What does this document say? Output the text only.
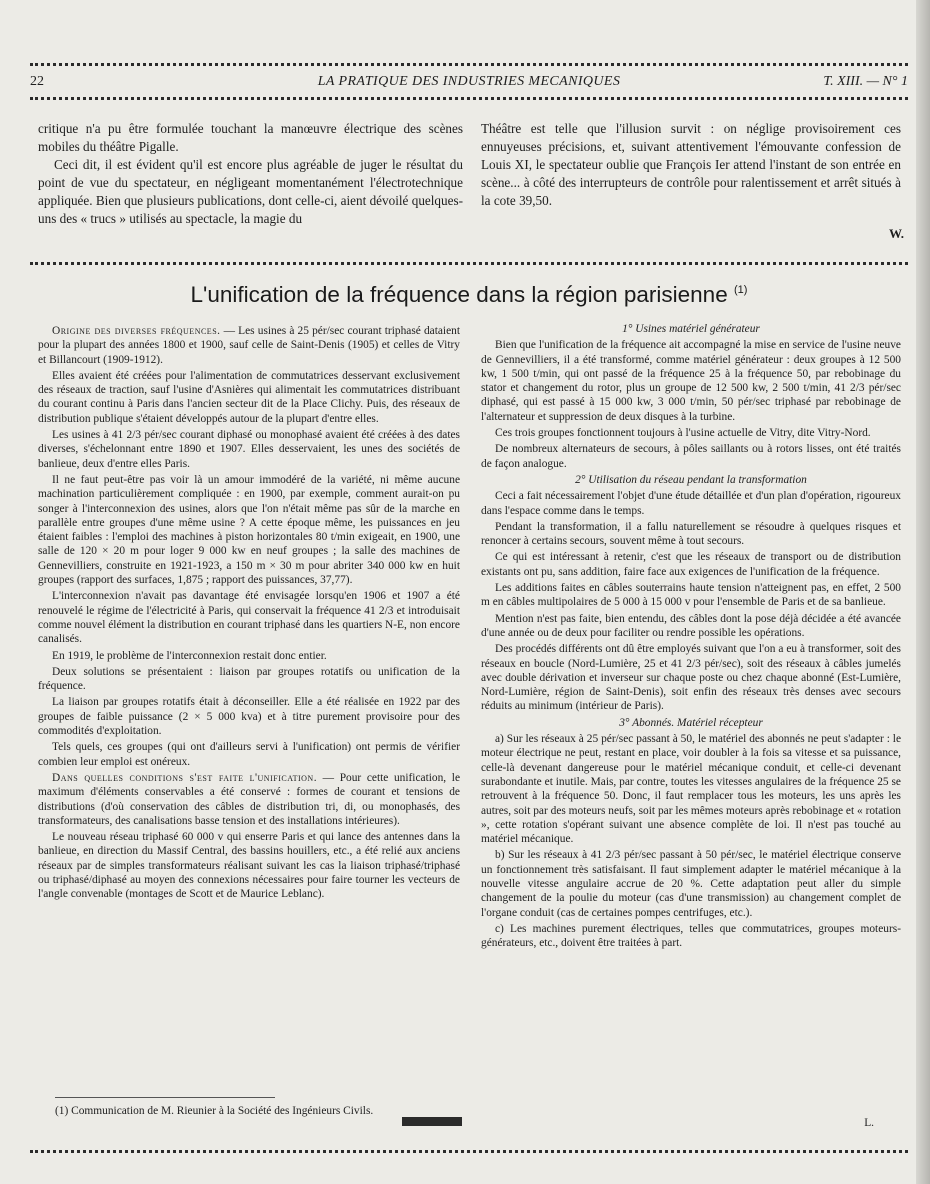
22	LA PRATIQUE DES INDUSTRIES MECANIQUES	T. XIII. — N° 1

critique n'a pu être formulée touchant la manœuvre électrique des scènes mobiles du théâtre Pigalle.

Ceci dit, il est évident qu'il est encore plus agréable de juger le résultat du point de vue du spectateur, en négligeant momentanément l'électrotechnique appliquée. Bien que plusieurs publications, dont celle-ci, aient dévoilé quelques-uns des « trucs » utilisés au spectacle, la magie du

Théâtre est telle que l'illusion survit : on néglige provisoirement ces ennuyeuses précisions, et, suivant attentivement l'émouvante confession de Louis XI, le spectateur oublie que François Ier attend l'instant de son entrée en scène... à côté des interrupteurs de contrôle pour ralentissement et arrêt situés à la cote 39,50.

W.
L'unification de la fréquence dans la région parisienne $^{(1)}$

Origine des diverses fréquences. — Les usines à 25 pér/sec courant triphasé dataient pour la plupart des années 1800 et 1900, sauf celle de Saint-Denis (1905) et celles de Vitry et Billancourt (1909-1912).

Elles avaient été créées pour l'alimentation de commutatrices desservant exclusivement des réseaux de traction, sauf l'usine d'Asnières qui alimentait les commutatrices distribuant du courant continu à Paris dans l'ancien secteur dit de la Place Clichy. Puis, des réseaux de distribution publique s'étaient développés autour de la plupart d'entre elles.

Les usines à 41 2/3 pér/sec courant diphasé ou monophasé avaient été créées à des dates diverses, s'échelonnant entre 1890 et 1907. Elles desservaient, les unes des sociétés de banlieue, deux d'entre elles Paris.

Il ne faut peut-être pas voir là un amour immodéré de la variété, ni même aucune machination particulièrement compliquée : en 1900, par exemple, comment aurait-on pu songer à l'interconnexion des usines, alors que l'on n'était même pas sûr de la marche en parallèle entre groupes d'une même usine ? A cette époque même, les puissances en jeu étaient faibles : l'emploi des machines à piston horizontales 80 t/min exigeait, en 1900, une salle de 120 × 20 m pour loger 9 000 kw en neuf groupes ; la salle des machines de Gennevilliers, construite en 1921-1923, a 150 m × 30 m pour abriter 340 000 kw en huit groupes (rapport des surfaces, 1,875 ; rapport des puissances, 37,77).

L'interconnexion n'avait pas davantage été envisagée lorsqu'en 1906 et 1907 a été renouvelé le régime de l'électricité à Paris, qui conservait la fréquence 41 2/3 et introduisait comme nouvel élément la distribution en courant triphasé dans les quartiers N-E, non encore canalisés.

En 1919, le problème de l'interconnexion restait donc entier.

Deux solutions se présentaient : liaison par groupes rotatifs ou unification de la fréquence.

La liaison par groupes rotatifs était à déconseiller. Elle a été réalisée en 1922 par des groupes de faible puissance (2 × 5 000 kva) et à titre purement provisoire pour des commodités d'exploitation.

Tels quels, ces groupes (qui ont d'ailleurs servi à l'unification) ont permis de vérifier combien leur emploi est onéreux.

Dans quelles conditions s'est faite l'unification. — Pour cette unification, le maximum d'éléments conservables a été conservé : formes de courant et tensions de distributions (d'où conservation des câbles de distribution tri, di, ou monophasés, des transformateurs, des canalisations basse tension et des installations intérieures).

Le nouveau réseau triphasé 60 000 v qui enserre Paris et qui lance des antennes dans la banlieue, en direction du Massif Central, des bassins houillers, etc., a été relié aux anciens réseaux par de simples transformateurs réalisant suivant les cas la liaison triphasé/triphasé ou triphasé/diphasé au moyen des connexions nécessaires pour faire tourner les vecteurs de l'angle convenable (montages de Scott et de Maurice Leblanc).

1° Usines matériel générateur

Bien que l'unification de la fréquence ait accompagné la mise en service de l'usine neuve de Gennevilliers, il a été transformé, comme matériel générateur : deux groupes à 12 500 kw, 1 500 t/min, qui ont passé de la fréquence 25 à la fréquence 50, par rebobinage du stator et changement du rotor, plus un groupe de 12 500 kw, 2 500 t/min, 41 2/3 pér/sec diphasé, qui est passé à 15 000 kw, 3 000 t/min, 50 pér/sec triphasé par rebobinage de l'alternateur et suppression de deux disques à la turbine.

Ces trois groupes fonctionnent toujours à l'usine actuelle de Vitry, dite Vitry-Nord.

De nombreux alternateurs de secours, à pôles saillants ou à rotors lisses, ont été traités de façon analogue.

2° Utilisation du réseau pendant la transformation

Ceci a fait nécessairement l'objet d'une étude détaillée et d'un plan d'opération, rigoureux dans l'espace comme dans le temps.

Pendant la transformation, il a fallu naturellement se résoudre à quelques risques et renoncer à certains secours, souvent même à tout secours.

Ce qui est intéressant à retenir, c'est que les réseaux de transport ou de distribution existants ont pu, sans addition, faire face aux exigences de l'unification de la fréquence.

Les additions faites en câbles souterrains haute tension n'atteignent pas, en effet, 2 500 m en câbles multipolaires de 5 000 à 15 000 v pour l'ensemble de Paris et de sa banlieue.

Mention n'est pas faite, bien entendu, des câbles dont la pose déjà décidée a été avancée d'une année ou de deux pour faciliter ou rendre possible les opérations.

Des procédés différents ont dû être employés suivant que l'on a eu à transformer, soit des réseaux en boucle (Nord-Lumière, 25 et 41 2/3 pér/sec), soit des réseaux à câbles jumelés avec double dérivation et inverseur sur chaque poste ou chez chaque abonné (Est-Lumière, Nord-Lumière, région de Saint-Denis), soit enfin des réseaux très denses avec secours réduits au minimum (intérieur de Paris).

3° Abonnés. Matériel récepteur

a) Sur les réseaux à 25 pér/sec passant à 50, le matériel des abonnés ne peut s'adapter : le moteur électrique ne peut, restant en place, voir doubler à la fois sa vitesse et sa puissance, celle-là devenant dangereuse pour le matériel mécanique conduit, et celle-ci devenant surabondante et inutile. Mais, par contre, toutes les vitesses angulaires de la fréquence 25 se retrouvent à la fréquence 50. Donc, il faut remplacer tous les moteurs, les uns après les autres, soit par des moteurs neufs, soit par les mêmes moteurs après rebobinage et « rotation », cette rotation s'opérant suivant une absence complète de loi. Il n'est pas touché au matériel mécanique.

b) Sur les réseaux à 41 2/3 pér/sec passant à 50 pér/sec, le matériel électrique conserve un fonctionnement très satisfaisant. Il faut simplement adapter le matériel mécanique à la nouvelle vitesse angulaire accrue de 20 %. Cette adaptation peut aller du simple changement de la poulie du moteur (cas d'une transmission) au changement complet de l'organe conduit (cas de certaines pompes centrifuges, etc.).

c) Les machines purement électriques, telles que commutatrices, groupes moteurs-générateurs, etc., doivent être traitées à part.

L.
(1) Communication de M. Rieunier à la Société des Ingénieurs Civils.
